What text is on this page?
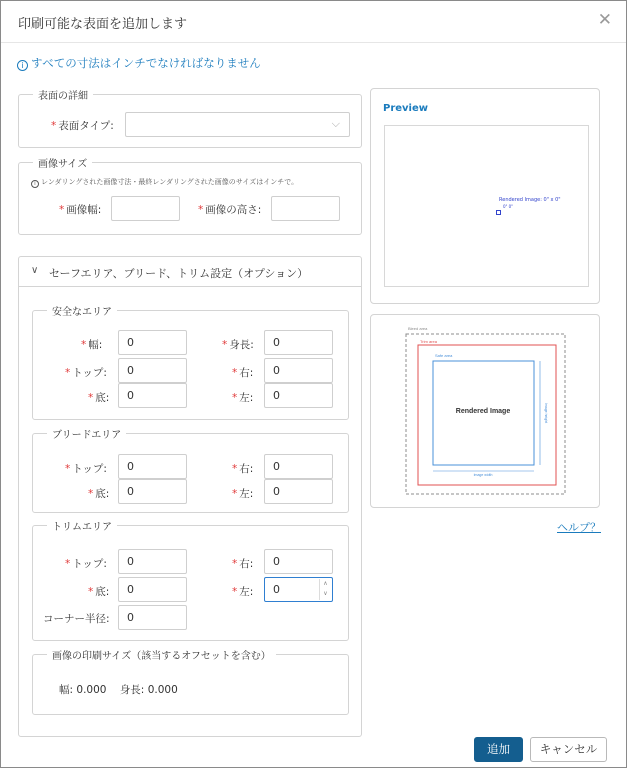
印刷可能な表面を追加します	✕
i すべての寸法はインチでなければなりません
表面の詳細
* 表面タイプ:	⌵
画像サイズ
i レンダリングされた画像寸法・最終レンダリングされた画像のサイズはインチで。
* 画像幅:	* 画像の高さ:
∨ セーフエリア、ブリード、トリム設定（オプション）
安全なエリア
* 幅:	0	* 身長:	0
* トップ:	0	* 右:	0
* 底:	0	* 左:	0
ブリードエリア
* トップ:	0	* 右:	0
* 底:	0	* 左:	0
トリムエリア
* トップ:	0	* 右:	0
* 底:	0	* 左:	0	∧
∨
コーナー半径:	0
画像の印刷サイズ（該当するオフセットを含む）
幅: 0.000 身長: 0.000
Preview
Rendered Image: 0" x 0"
0" 0"
Bleed area
Trim area
Safe area
Rendered Image
Image width
Image height
ヘルプ？
追加	キャンセル
